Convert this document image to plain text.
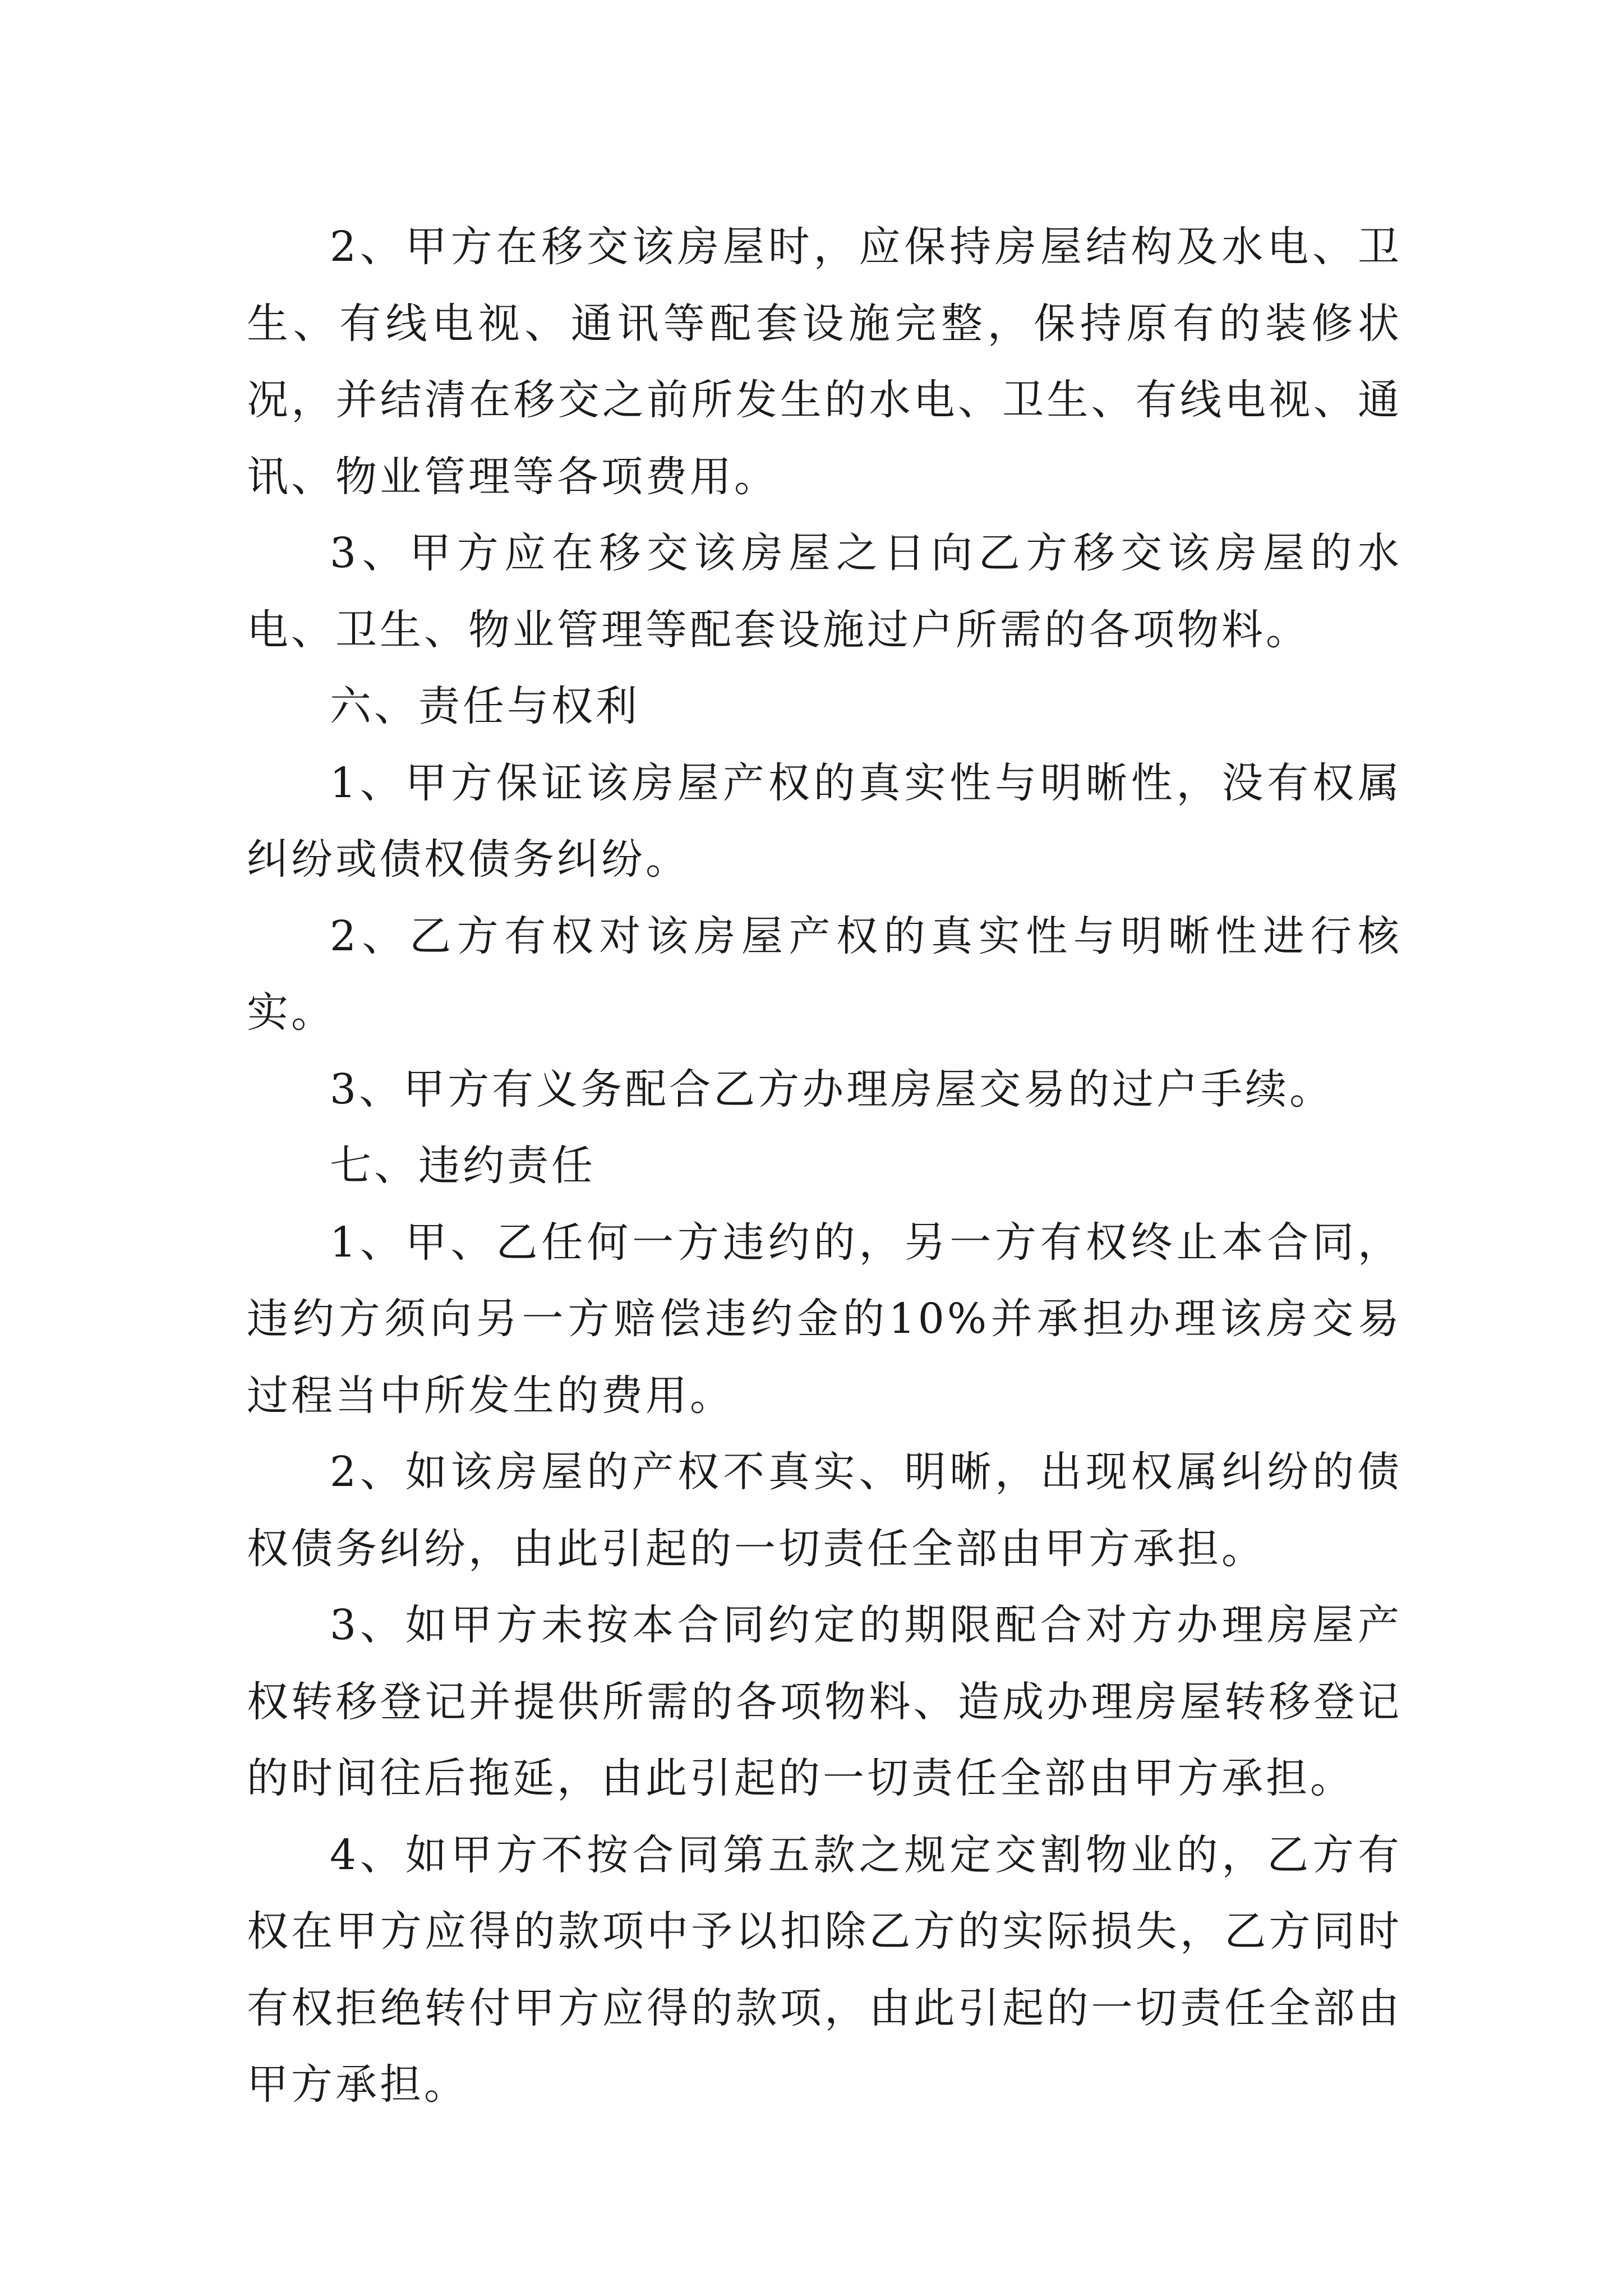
2、甲方在移交该房屋时，应保持房屋结构及水电、卫生、有线电视、通讯等配套设施完整，保持原有的装修状况，并结清在移交之前所发生的水电、卫生、有线电视、通讯、物业管理等各项费用。

3、甲方应在移交该房屋之日向乙方移交该房屋的水电、卫生、物业管理等配套设施过户所需的各项物料。

六、责任与权利

1、甲方保证该房屋产权的真实性与明晰性，没有权属纠纷或债权债务纠纷。

2、乙方有权对该房屋产权的真实性与明晰性进行核实。

3、甲方有义务配合乙方办理房屋交易的过户手续。

七、违约责任

1、甲、乙任何一方违约的，另一方有权终止本合同，违约方须向另一方赔偿违约金的10%并承担办理该房交易过程当中所发生的费用。

2、如该房屋的产权不真实、明晰，出现权属纠纷的债权债务纠纷，由此引起的一切责任全部由甲方承担。

3、如甲方未按本合同约定的期限配合对方办理房屋产权转移登记并提供所需的各项物料、造成办理房屋转移登记的时间往后拖延，由此引起的一切责任全部由甲方承担。

4、如甲方不按合同第五款之规定交割物业的，乙方有权在甲方应得的款项中予以扣除乙方的实际损失，乙方同时有权拒绝转付甲方应得的款项，由此引起的一切责任全部由甲方承担。
